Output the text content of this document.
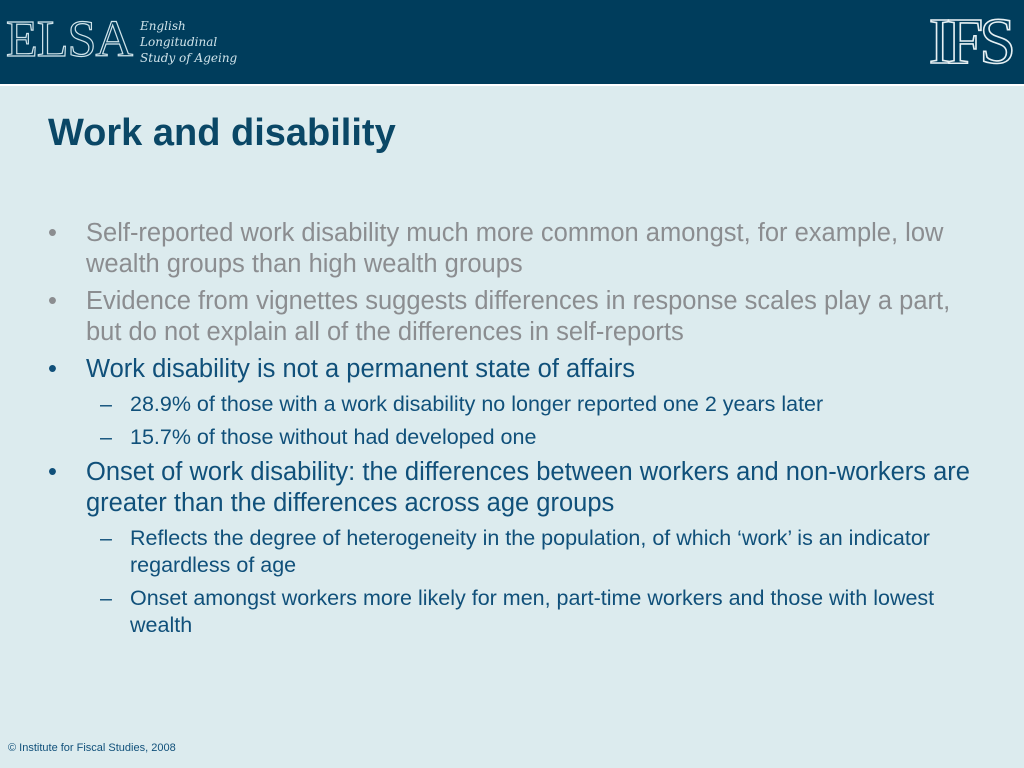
ELSA English
Longitudinal
Study of Ageing	IFS
Work and disability
• Self-reported work disability much more common amongst, for example, low wealth groups than high wealth groups
• Evidence from vignettes suggests differences in response scales play a part, but do not explain all of the differences in self-reports
• Work disability is not a permanent state of affairs
– 28.9% of those with a work disability no longer reported one 2 years later
– 15.7% of those without had developed one
• Onset of work disability: the differences between workers and non-workers are greater than the differences across age groups
– Reflects the degree of heterogeneity in the population, of which ‘work’ is an indicator regardless of age
– Onset amongst workers more likely for men, part-time workers and those with lowest wealth
© Institute for Fiscal Studies, 2008
